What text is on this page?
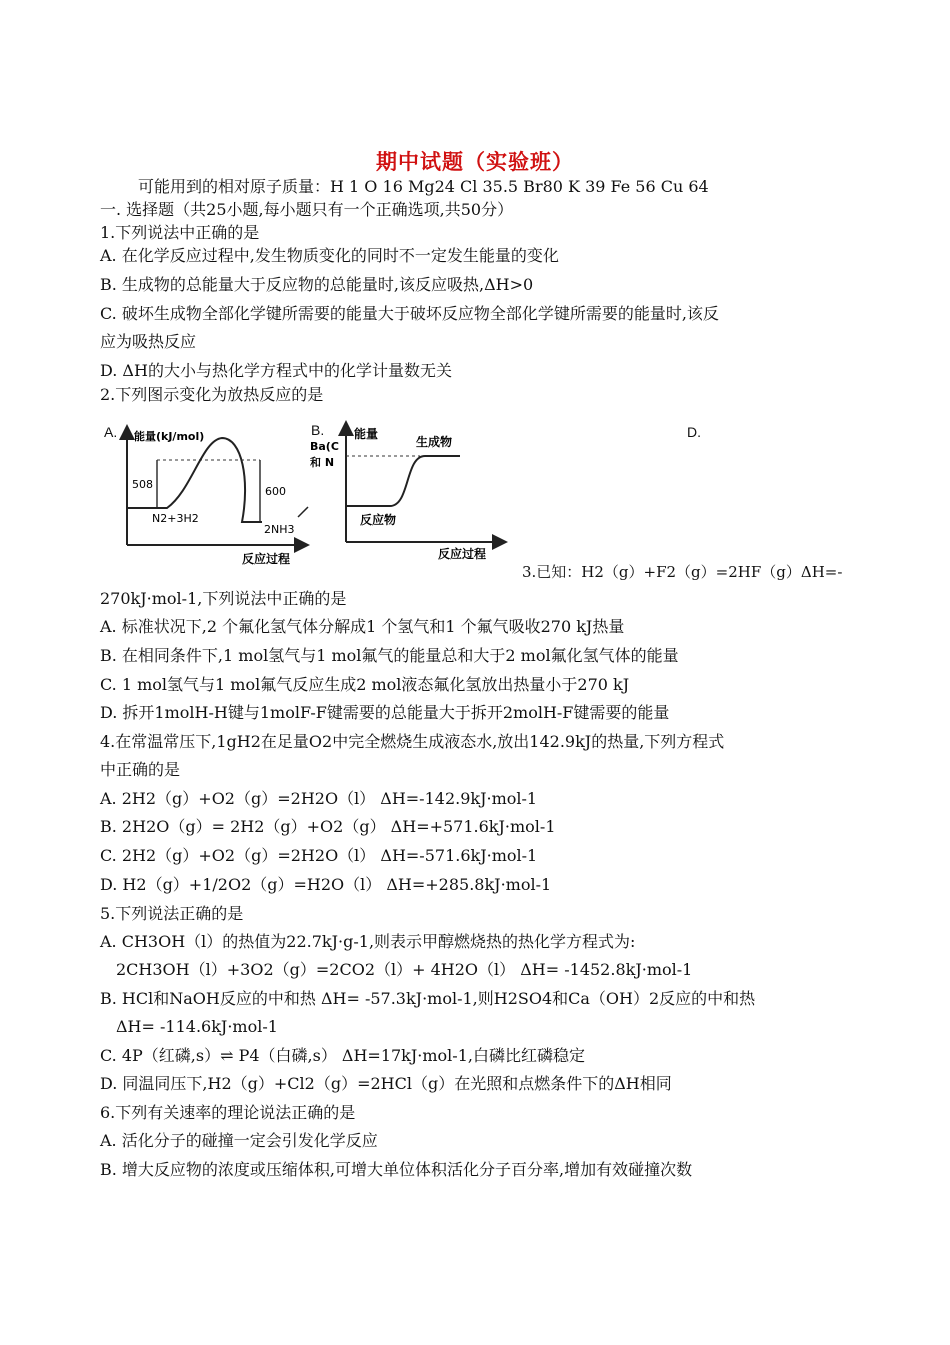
期中试题（实验班）
可能用到的相对原子质量：H 1 O 16 Mg24 Cl 35.5 Br80 K 39 Fe 56 Cu 64
一. 选择题（共25小题,每小题只有一个正确选项,共50分）
1.下列说法中正确的是
A. 在化学反应过程中,发生物质变化的同时不一定发生能量的变化
B. 生成物的总能量大于反应物的总能量时,该反应吸热,ΔH>0
C. 破坏生成物全部化学键所需要的能量大于破坏反应物全部化学键所需要的能量时,该反
应为吸热反应
D. ΔH的大小与热化学方程式中的化学计量数无关
2.下列图示变化为放热反应的是
A.	B.	D.
能量(kJ/mol)
508
600
N2+3H2
2NH3
反应过程
Ba(C
和 N
能量
生成物
反应物
反应过程
3.已知：H2（g）+F2（g）=2HF（g）ΔH=-
270kJ·mol-1,下列说法中正确的是
A. 标准状况下,2 个氟化氢气体分解成1 个氢气和1 个氟气吸收270 kJ热量
B. 在相同条件下,1 mol氢气与1 mol氟气的能量总和大于2 mol氟化氢气体的能量
C. 1 mol氢气与1 mol氟气反应生成2 mol液态氟化氢放出热量小于270 kJ
D. 拆开1molH-H键与1molF-F键需要的总能量大于拆开2molH-F键需要的能量
4.在常温常压下,1gH2在足量O2中完全燃烧生成液态水,放出142.9kJ的热量,下列方程式
中正确的是
A. 2H2（g）+O2（g）=2H2O（l） ΔH=-142.9kJ·mol-1
B. 2H2O（g）= 2H2（g）+O2（g） ΔH=+571.6kJ·mol-1
C. 2H2（g）+O2（g）=2H2O（l） ΔH=-571.6kJ·mol-1
D. H2（g）+1/2O2（g）=H2O（l） ΔH=+285.8kJ·mol-1
5.下列说法正确的是
A. CH3OH（l）的热值为22.7kJ·g-1,则表示甲醇燃烧热的热化学方程式为:
2CH3OH（l）+3O2（g）=2CO2（l）+ 4H2O（l） ΔH= -1452.8kJ·mol-1
B. HCl和NaOH反应的中和热 ΔH= -57.3kJ·mol-1,则H2SO4和Ca（OH）2反应的中和热
ΔH= -114.6kJ·mol-1
C. 4P（红磷,s）⇌ P4（白磷,s） ΔH=17kJ·mol-1,白磷比红磷稳定
D. 同温同压下,H2（g）+Cl2（g）=2HCl（g）在光照和点燃条件下的ΔH相同
6.下列有关速率的理论说法正确的是
A. 活化分子的碰撞一定会引发化学反应
B. 增大反应物的浓度或压缩体积,可增大单位体积活化分子百分率,增加有效碰撞次数
